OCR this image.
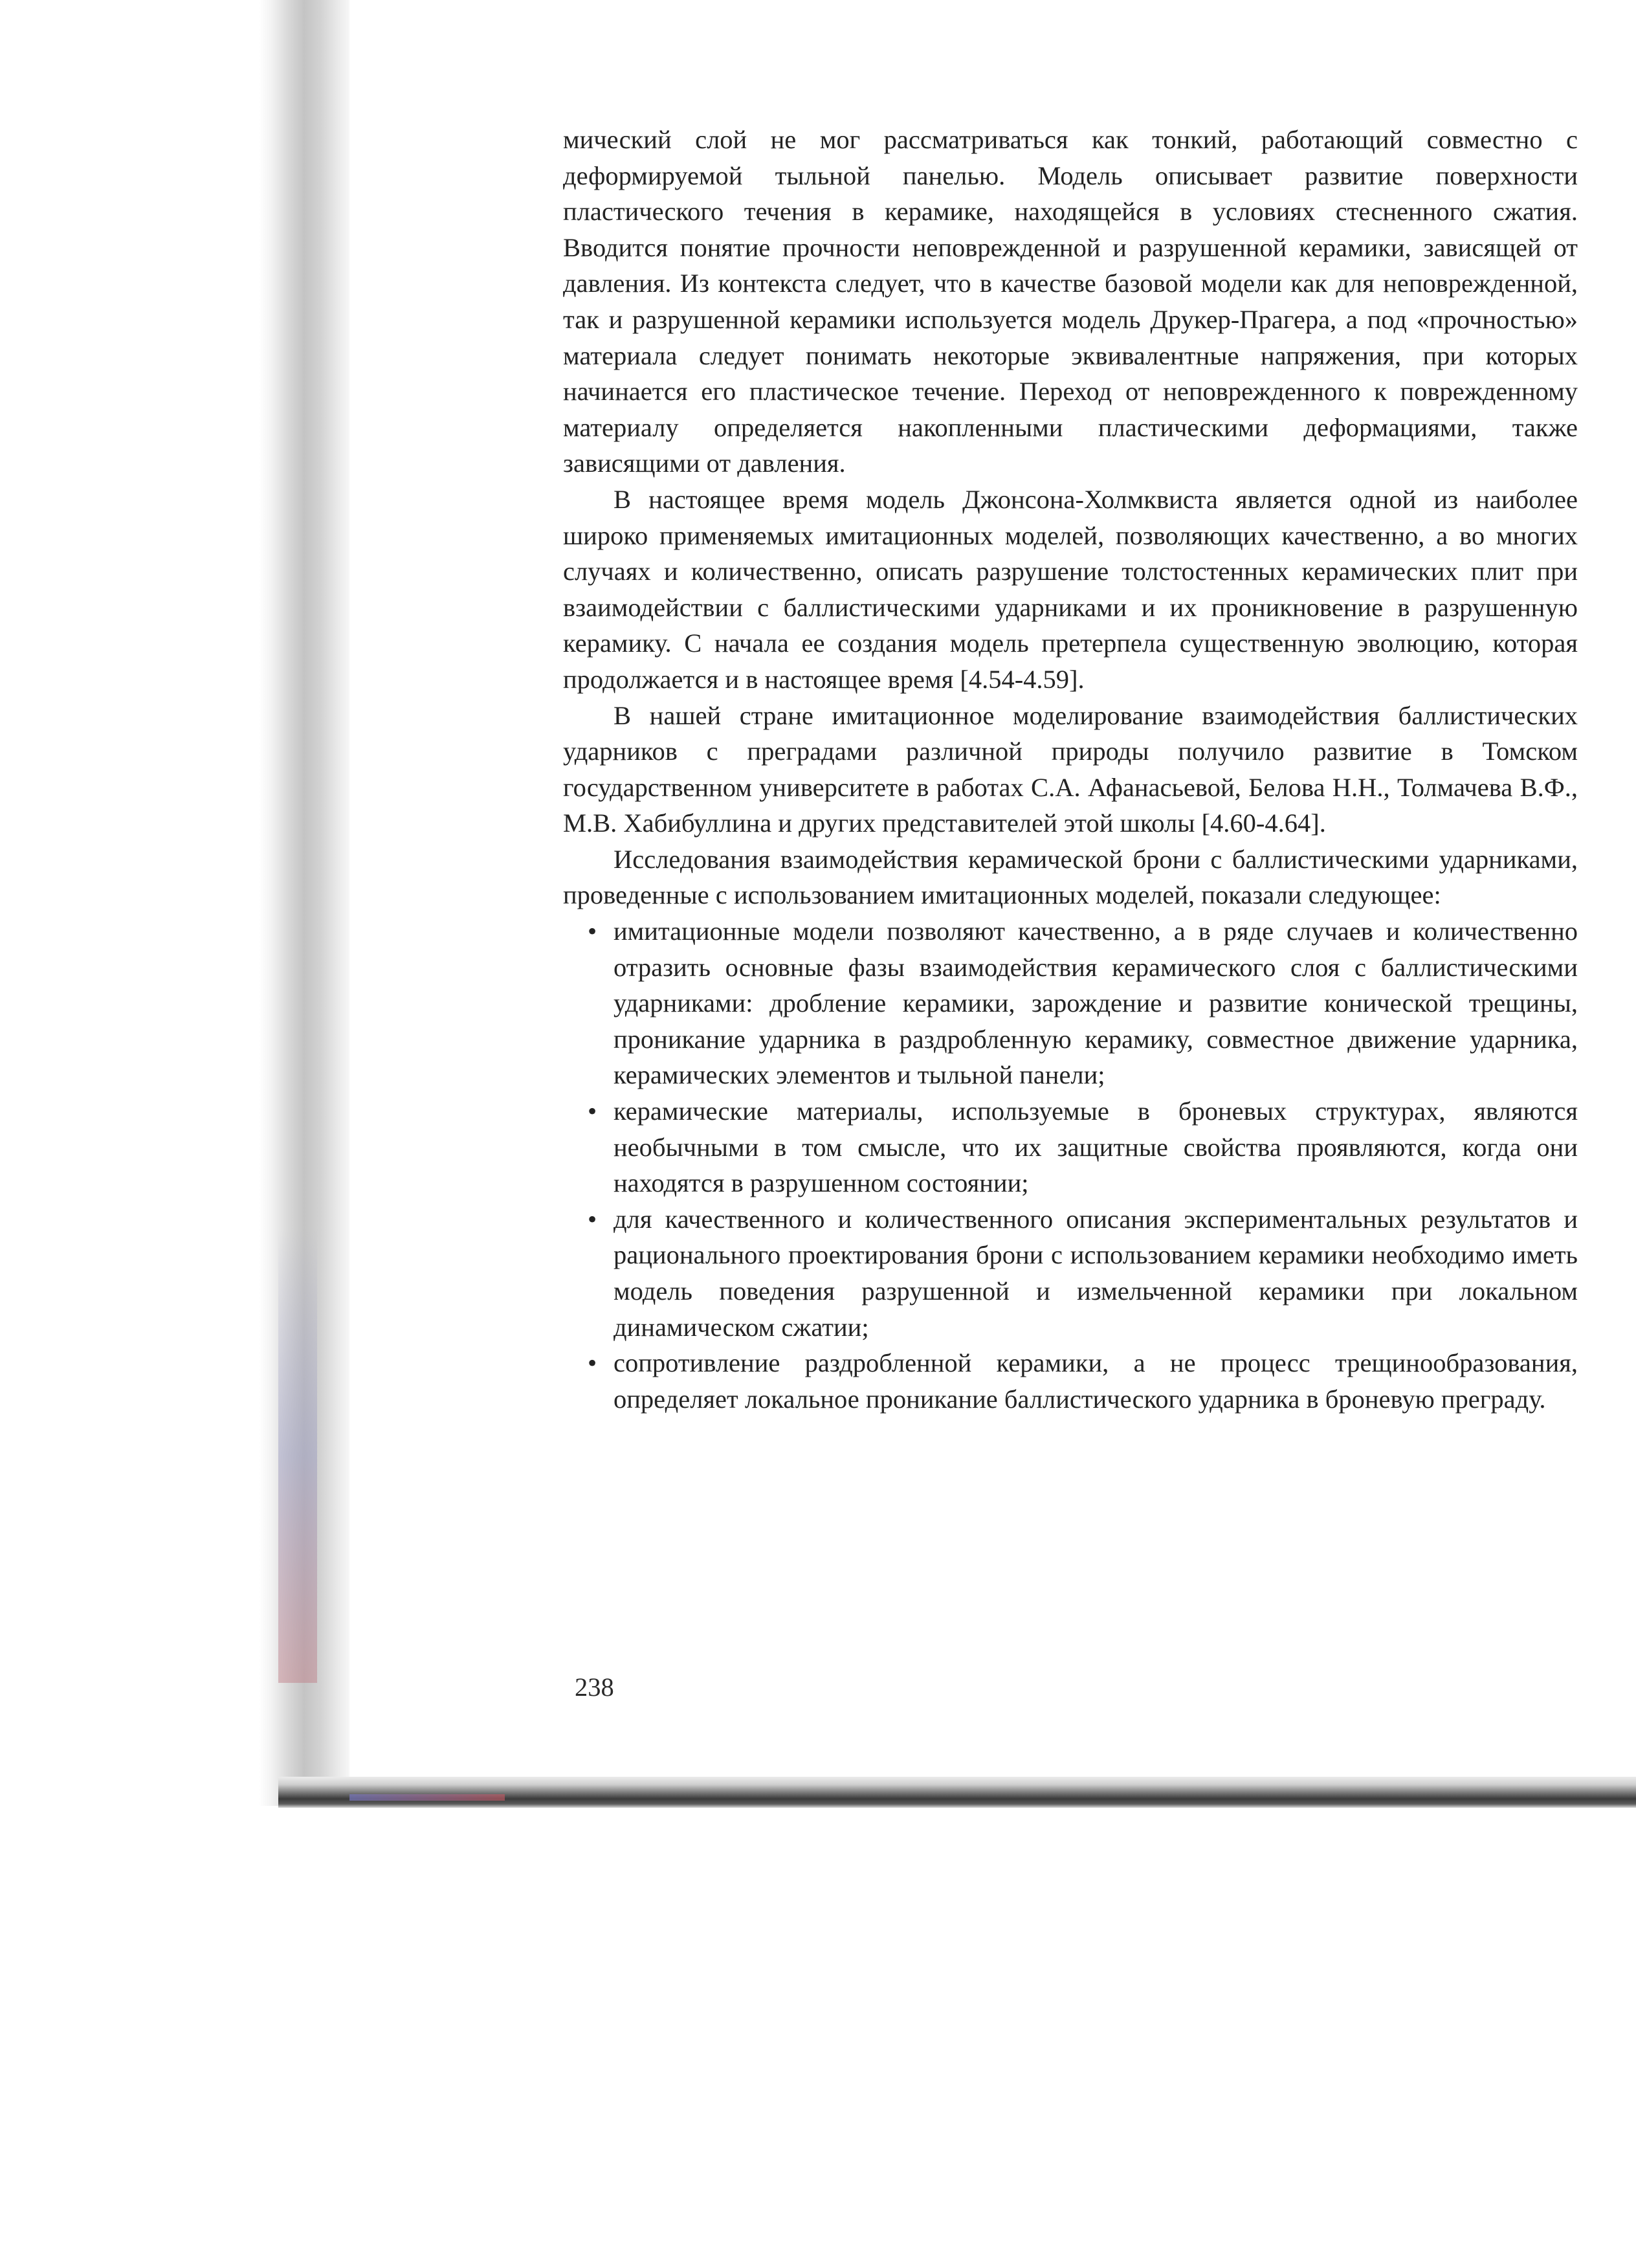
мический слой не мог рассматриваться как тонкий, работающий совместно с деформируемой тыльной панелью. Модель описывает развитие поверхности пластического течения в керамике, находящейся в условиях стесненного сжатия. Вводится понятие прочности неповрежденной и разрушенной керамики, зависящей от давления. Из контекста следует, что в качестве базовой модели как для неповрежденной, так и разрушенной керамики используется модель Друкер-Прагера, а под «прочностью» материала следует понимать некоторые эквивалентные напряжения, при которых начинается его пластическое течение. Переход от неповрежденного к поврежденному материалу определяется накопленными пластическими деформациями, также зависящими от давления.

В настоящее время модель Джонсона-Холмквиста является одной из наиболее широко применяемых имитационных моделей, позволяющих качественно, а во многих случаях и количественно, описать разрушение толстостенных керамических плит при взаимодействии с баллистическими ударниками и их проникновение в разрушенную керамику. С начала ее создания модель претерпела существенную эволюцию, которая продолжается и в настоящее время [4.54-4.59].

В нашей стране имитационное моделирование взаимодействия баллистических ударников с преградами различной природы получило развитие в Томском государственном университете в работах С.А. Афанасьевой, Белова Н.Н., Толмачева В.Ф., М.В. Хабибуллина и других представителей этой школы [4.60-4.64].

Исследования взаимодействия керамической брони с баллистическими ударниками, проведенные с использованием имитационных моделей, показали следующее:

• имитационные модели позволяют качественно, а в ряде случаев и количественно отразить основные фазы взаимодействия керамического слоя с баллистическими ударниками: дробление керамики, зарождение и развитие конической трещины, проникание ударника в раздробленную керамику, совместное движение ударника, керамических элементов и тыльной панели;
• керамические материалы, используемые в броневых структурах, являются необычными в том смысле, что их защитные свойства проявляются, когда они находятся в разрушенном состоянии;
• для качественного и количественного описания экспериментальных результатов и рационального проектирования брони с использованием керамики необходимо иметь модель поведения разрушенной и измельченной керамики при локальном динамическом сжатии;
• сопротивление раздробленной керамики, а не процесс трещинообразования, определяет локальное проникание баллистического ударника в броневую преграду.
238
